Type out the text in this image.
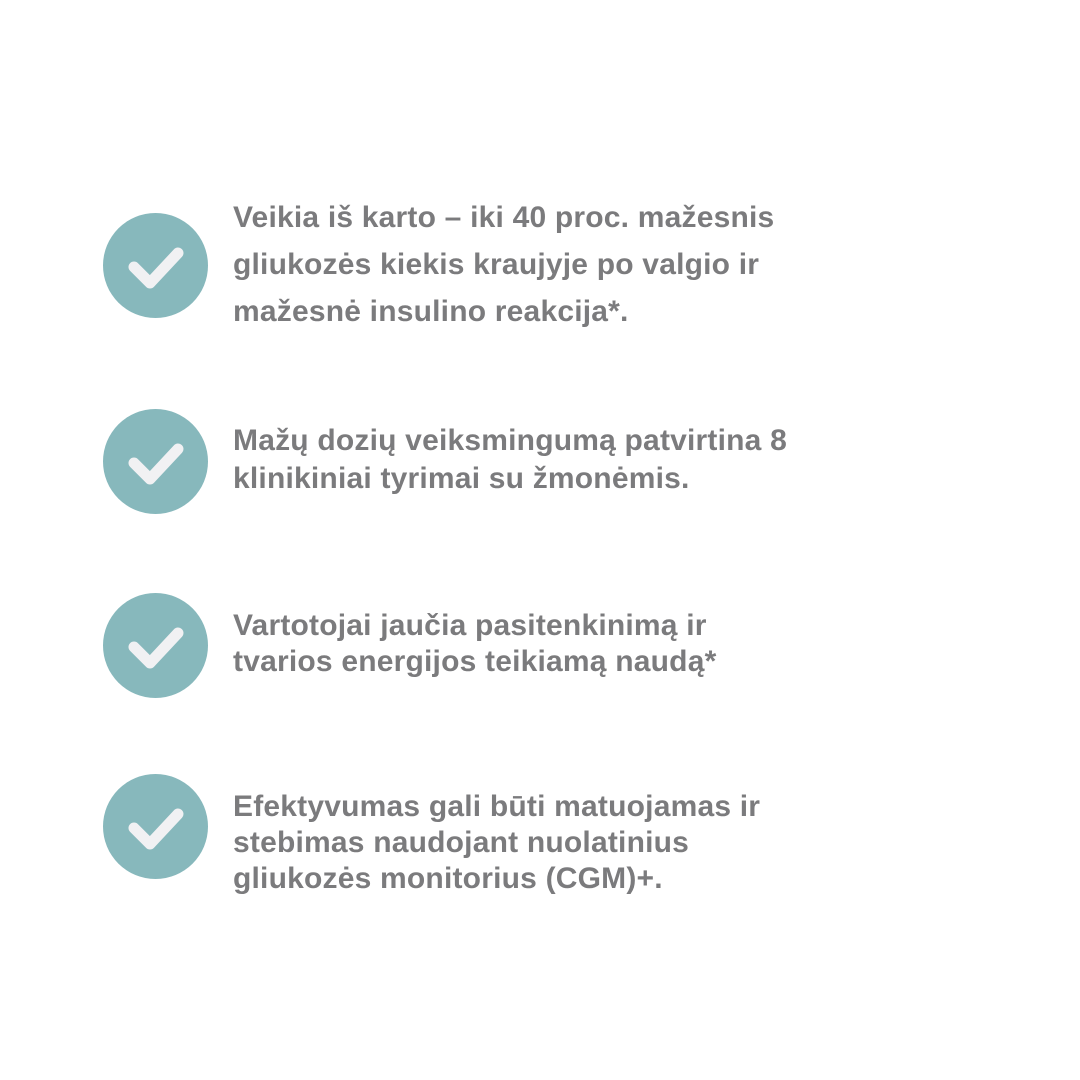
Veikia iš karto – iki 40 proc. mažesnis
gliukozės kiekis kraujyje po valgio ir
mažesnė insulino reakcija*.

Mažų dozių veiksmingumą patvirtina 8
klinikiniai tyrimai su žmonėmis.

Vartotojai jaučia pasitenkinimą ir
tvarios energijos teikiamą naudą*

Efektyvumas gali būti matuojamas ir
stebimas naudojant nuolatinius
gliukozės monitorius (CGM)+.
